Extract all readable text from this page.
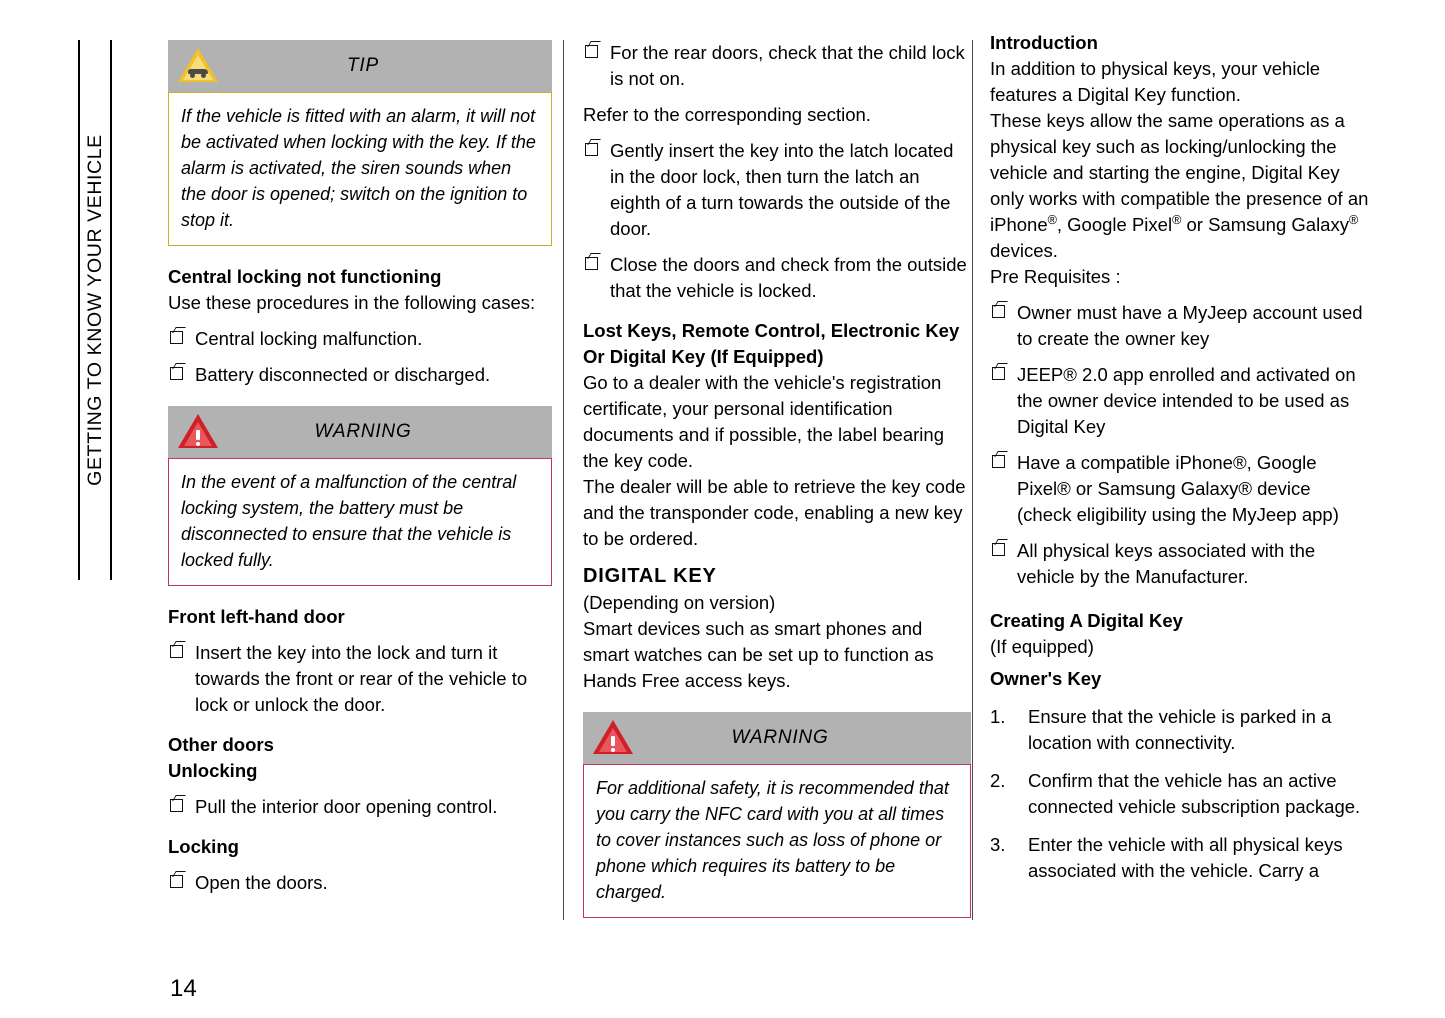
GETTING TO KNOW YOUR VEHICLE
TIP
If the vehicle is fitted with an alarm, it will not be activated when locking with the key. If the alarm is activated, the siren sounds when the door is opened; switch on the ignition to stop it.
Central locking not functioning

Use these procedures in the following cases:

Central locking malfunction.
Battery disconnected or discharged.
WARNING
In the event of a malfunction of the central locking system, the battery must be disconnected to ensure that the vehicle is locked fully.
Front left-hand door
Insert the key into the lock and turn it towards the front or rear of the vehicle to lock or unlock the door.
Other doors
Unlocking
Pull the interior door opening control.
Locking
Open the doors.
For the rear doors, check that the child lock is not on.

Refer to the corresponding section.

Gently insert the key into the latch located in the door lock, then turn the latch an eighth of a turn towards the outside of the door.
Close the doors and check from the outside that the vehicle is locked.
Lost Keys, Remote Control, Electronic Key Or Digital Key (If Equipped)

Go to a dealer with the vehicle's registration certificate, your personal identification documents and if possible, the label bearing the key code.

The dealer will be able to retrieve the key code and the transponder code, enabling a new key to be ordered.

DIGITAL KEY

(Depending on version)

Smart devices such as smart phones and smart watches can be set up to function as Hands Free access keys.

WARNING
For additional safety, it is recommended that you carry the NFC card with you at all times to cover instances such as loss of phone or phone which requires its battery to be charged.
Introduction

In addition to physical keys, your vehicle features a Digital Key function.

These keys allow the same operations as a physical key such as locking/unlocking the vehicle and starting the engine, Digital Key only works with compatible the presence of an iPhone®, Google Pixel® or Samsung Galaxy® devices.

Pre Requisites :

Owner must have a MyJeep account used to create the owner key
JEEP® 2.0 app enrolled and activated on the owner device intended to be used as Digital Key
Have a compatible iPhone®, Google Pixel® or Samsung Galaxy® device (check eligibility using the MyJeep app)
All physical keys associated with the vehicle by the Manufacturer.
Creating A Digital Key

(If equipped)

Owner's Key
1.	Ensure that the vehicle is parked in a location with connectivity.
2.	Confirm that the vehicle has an active connected vehicle subscription package.
3.	Enter the vehicle with all physical keys associated with the vehicle. Carry a
14
